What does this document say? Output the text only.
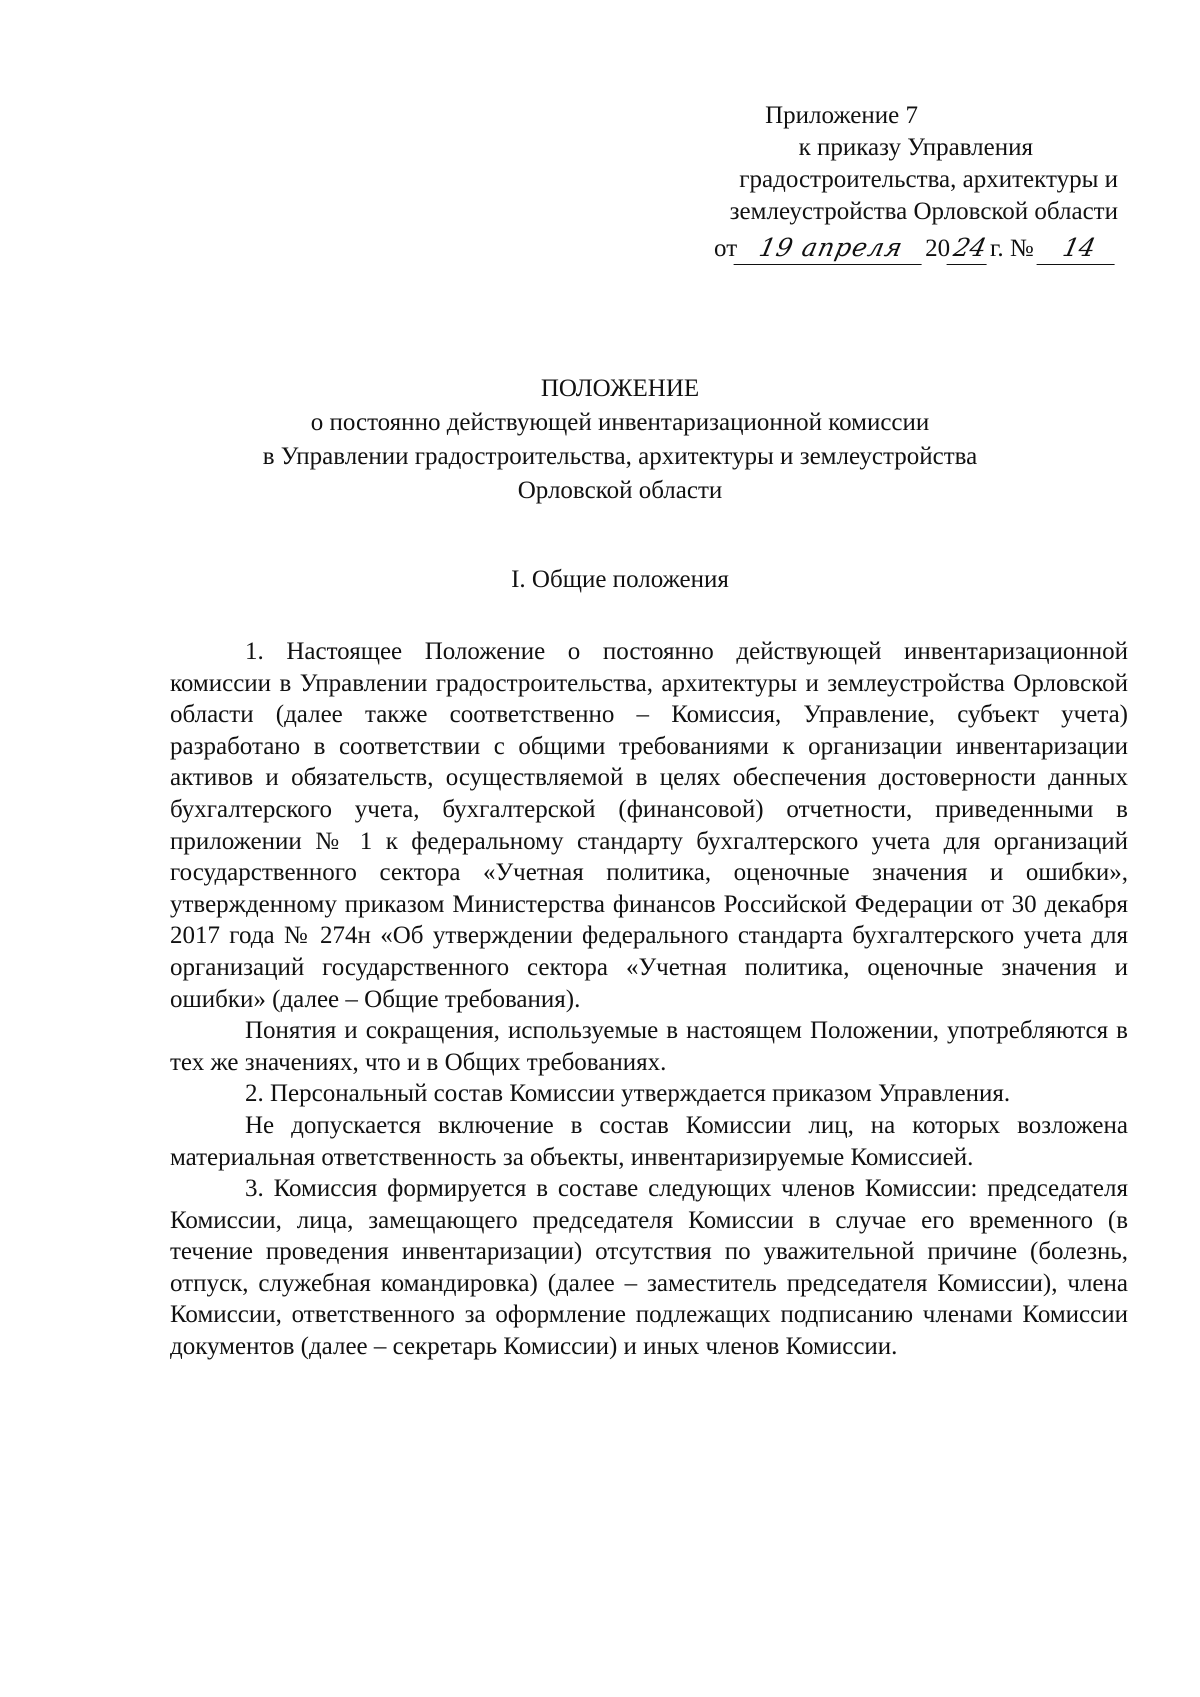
Приложение 7
к приказу Управления
градостроительства, архитектуры и
землеустройства Орловской области
от 19 апреля 2024г. № 14
ПОЛОЖЕНИЕ
о постоянно действующей инвентаризационной комиссии
в Управлении градостроительства, архитектуры и землеустройства
Орловской области
I. Общие положения

1. Настоящее Положение о постоянно действующей инвентаризационной комиссии в Управлении градостроительства, архитектуры и землеустройства Орловской области (далее также соответственно – Комиссия, Управление, субъект учета) разработано в соответствии с общими требованиями к организации инвентаризации активов и обязательств, осуществляемой в целях обеспечения достоверности данных бухгалтерского учета, бухгалтерской (финансовой) отчетности, приведенными в приложении № 1 к федеральному стандарту бухгалтерского учета для организаций государственного сектора «Учетная политика, оценочные значения и ошибки», утвержденному приказом Министерства финансов Российской Федерации от 30 декабря 2017 года № 274н «Об утверждении федерального стандарта бухгалтерского учета для организаций государственного сектора «Учетная политика, оценочные значения и ошибки» (далее – Общие требования).

Понятия и сокращения, используемые в настоящем Положении, употребляются в тех же значениях, что и в Общих требованиях.

2. Персональный состав Комиссии утверждается приказом Управления.

Не допускается включение в состав Комиссии лиц, на которых возложена материальная ответственность за объекты, инвентаризируемые Комиссией.

3. Комиссия формируется в составе следующих членов Комиссии: председателя Комиссии, лица, замещающего председателя Комиссии в случае его временного (в течение проведения инвентаризации) отсутствия по уважительной причине (болезнь, отпуск, служебная командировка) (далее – заместитель председателя Комиссии), члена Комиссии, ответственного за оформление подлежащих подписанию членами Комиссии документов (далее – секретарь Комиссии) и иных членов Комиссии.
